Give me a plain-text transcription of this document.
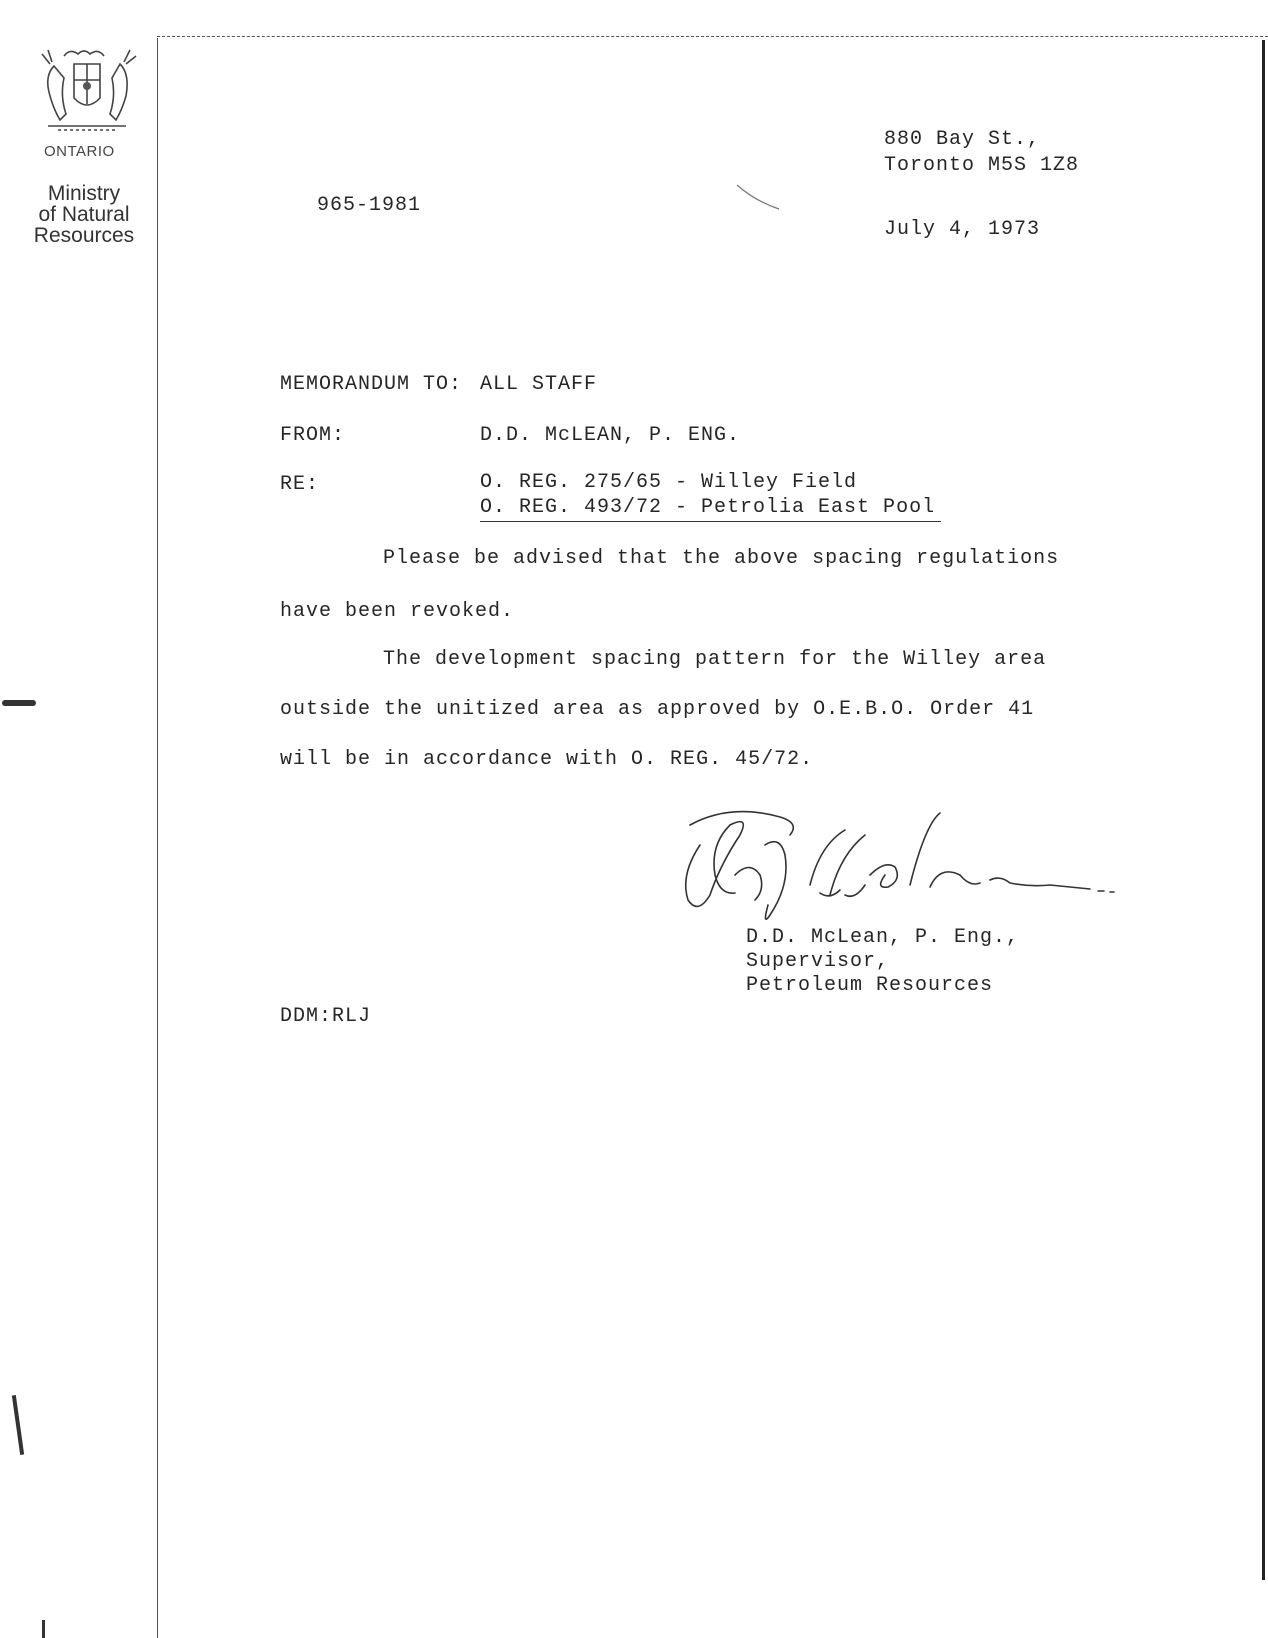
ONTARIO
Ministry
of Natural
Resources
965-1981
880 Bay St.,
Toronto M5S 1Z8
July 4, 1973
MEMORANDUM TO: ALL STAFF
FROM:	D.D. McLEAN, P. ENG.
RE:	O. REG. 275/65 - Willey Field
O. REG. 493/72 - Petrolia East Pool
Please be advised that the above spacing regulations
have been revoked.
The development spacing pattern for the Willey area
outside the unitized area as approved by O.E.B.O. Order 41
will be in accordance with O. REG. 45/72.
D.D. McLean, P. Eng.,
Supervisor,
Petroleum Resources
DDM:RLJ
